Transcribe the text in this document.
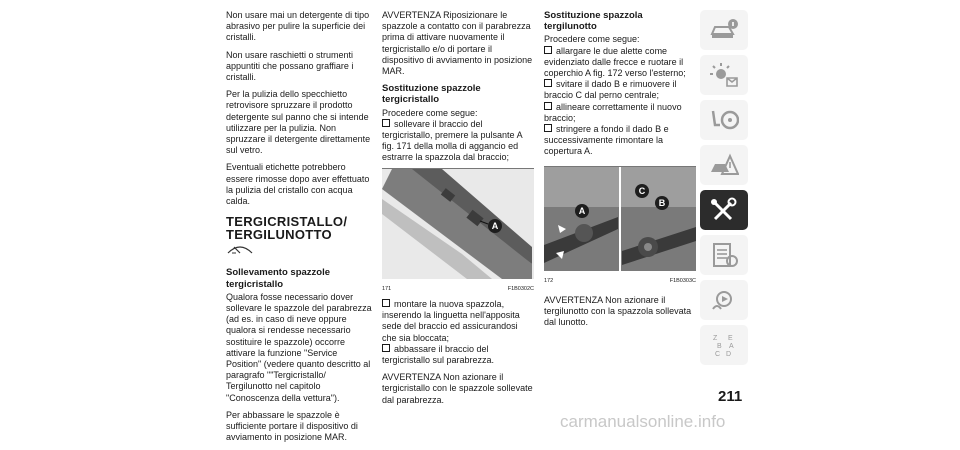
Non usare mai un detergente di tipo abrasivo per pulire la superficie dei cristalli.

Non usare raschietti o strumenti appuntiti che possano graffiare i cristalli.

Per la pulizia dello specchietto retrovisore spruzzare il prodotto detergente sul panno che si intende utilizzare per la pulizia. Non spruzzare il detergente direttamente sul vetro.

Eventuali etichette potrebbero essere rimosse dopo aver effettuato la pulizia del cristallo con acqua calda.

TERGICRISTALLO/
TERGILUNOTTO
Sollevamento spazzole
tergicristallo

Qualora fosse necessario dover sollevare le spazzole del parabrezza (ad es. in caso di neve oppure qualora si rendesse necessario sostituire le spazzole) occorre attivare la funzione "Service Position" (vedere quanto descritto al paragrafo ""Tergicristallo/ Tergilunotto nel capitolo "Conoscenza della vettura").

Per abbassare le spazzole è sufficiente portare il dispositivo di avviamento in posizione MAR.

AVVERTENZA Riposizionare le spazzole a contatto con il parabrezza prima di attivare nuovamente il tergicristallo e/o di portare il dispositivo di avviamento in posizione MAR.

Sostituzione spazzole tergicristallo
Procedere come segue:
sollevare il braccio del tergicristallo, premere la pulsante A fig. 171 della molla di aggancio ed estrarre la spazzola dal braccio;
A
171	F1B0302C
montare la nuova spazzola, inserendo la linguetta nell'apposita sede del braccio ed assicurandosi che sia bloccata;
abbassare il braccio del tergicristallo sul parabrezza.

AVVERTENZA Non azionare il tergicristallo con le spazzole sollevate dal parabrezza.

Sostituzione spazzola tergilunotto
Procedere come segue:
allargare le due alette come evidenziato dalle frecce e ruotare il coperchio A fig. 172 verso l'esterno;
svitare il dado B e rimuovere il braccio C dal perno centrale;
allineare correttamente il nuovo braccio;
stringere a fondo il dado B e successivamente rimontare la copertura A.
A
C
B
172	F1B0303C

AVVERTENZA Non azionare il tergilunotto con la spazzola sollevata dal lunotto.

Z E
B A
C D
211
carmanualsonline.info
